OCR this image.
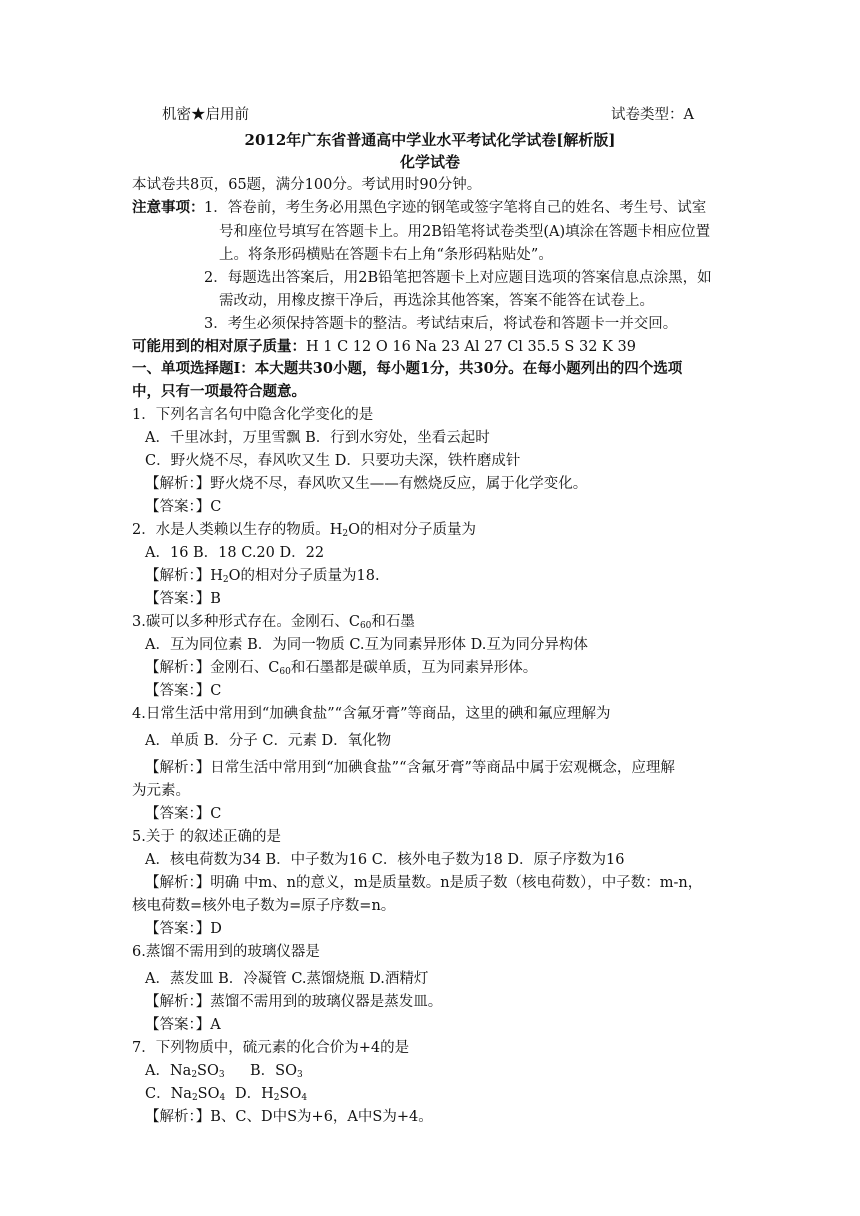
机密★启用前	试卷类型：A
2012年广东省普通高中学业水平考试化学试卷[解析版]
化学试卷
本试卷共8页，65题，满分100分。考试用时90分钟。
注意事项： 1．答卷前，考生务必用黑色字迹的钢笔或签字笔将自己的姓名、考生号、试室
号和座位号填写在答题卡上。用2B铅笔将试卷类型(A)填涂在答题卡相应位置
上。将条形码横贴在答题卡右上角“条形码粘贴处”。
2．每题选出答案后，用2B铅笔把答题卡上对应题目选项的答案信息点涂黑，如
需改动，用橡皮擦干净后，再选涂其他答案，答案不能答在试卷上。
3．考生必须保持答题卡的整洁。考试结束后，将试卷和答题卡一并交回。
可能用到的相对原子质量：H 1 C 12 O 16 Na 23 Al 27 Cl 35.5 S 32 K 39
一、单项选择题Ⅰ：本大题共30小题，每小题1分，共30分。在每小题列出的四个选项
中，只有一项最符合题意。
1．下列名言名句中隐含化学变化的是
A．千里冰封，万里雪飘 B．行到水穷处，坐看云起时
C．野火烧不尽，春风吹又生 D．只要功夫深，铁杵磨成针
【解析：】野火烧不尽，春风吹又生——有燃烧反应，属于化学变化。
【答案：】C
2．水是人类赖以生存的物质。$H_2O$的相对分子质量为
A．16 B．18 C.20 D．22
【解析：】$H_2O$的相对分子质量为18.
【答案：】B
3.碳可以多种形式存在。金刚石、$C_{60}$和石墨
A．互为同位素 B．为同一物质 C.互为同素异形体 D.互为同分异构体
【解析：】金刚石、$C_{60}$和石墨都是碳单质，互为同素异形体。
【答案：】C
4.日常生活中常用到“加碘食盐”“含氟牙膏”等商品，这里的碘和氟应理解为
A．单质 B．分子 C．元素 D．氧化物
【解析：】日常生活中常用到“加碘食盐”“含氟牙膏”等商品中属于宏观概念，应理解
为元素。
【答案：】C
5.关于 的叙述正确的是
A．核电荷数为34 B．中子数为16 C．核外电子数为18 D．原子序数为16
【解析：】明确 中m、n的意义，m是质量数。n是质子数（核电荷数），中子数：m-n，
核电荷数=核外电子数为=原子序数=n。
【答案：】D
6.蒸馏不需用到的玻璃仪器是
A．蒸发皿 B．冷凝管 C.蒸馏烧瓶 D.酒精灯
【解析：】蒸馏不需用到的玻璃仪器是蒸发皿。
【答案：】A
7．下列物质中，硫元素的化合价为+4的是
A．$Na_2SO_3$ B．$SO_3$
C．$Na_2SO_4$ D．$H_2SO_4$
【解析：】B、C、D中S为+6，A中S为+4。
